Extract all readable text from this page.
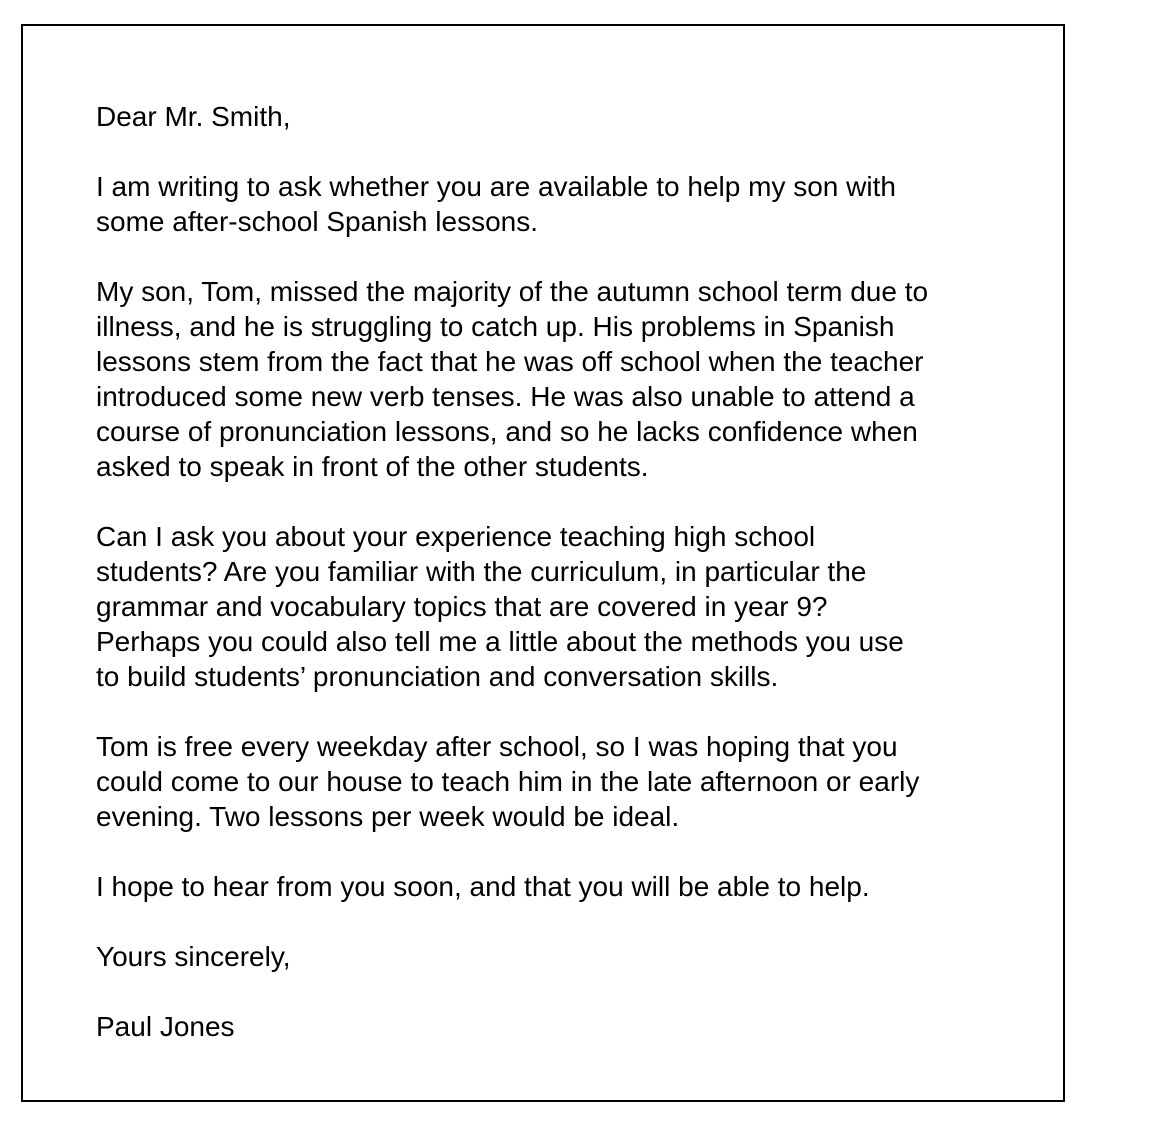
Dear Mr. Smith,

I am writing to ask whether you are available to help my son with
some after-school Spanish lessons.

My son, Tom, missed the majority of the autumn school term due to
illness, and he is struggling to catch up. His problems in Spanish
lessons stem from the fact that he was off school when the teacher
introduced some new verb tenses. He was also unable to attend a
course of pronunciation lessons, and so he lacks confidence when
asked to speak in front of the other students.

Can I ask you about your experience teaching high school
students? Are you familiar with the curriculum, in particular the
grammar and vocabulary topics that are covered in year 9?
Perhaps you could also tell me a little about the methods you use
to build students’ pronunciation and conversation skills.

Tom is free every weekday after school, so I was hoping that you
could come to our house to teach him in the late afternoon or early
evening. Two lessons per week would be ideal.

I hope to hear from you soon, and that you will be able to help.

Yours sincerely,

Paul Jones
